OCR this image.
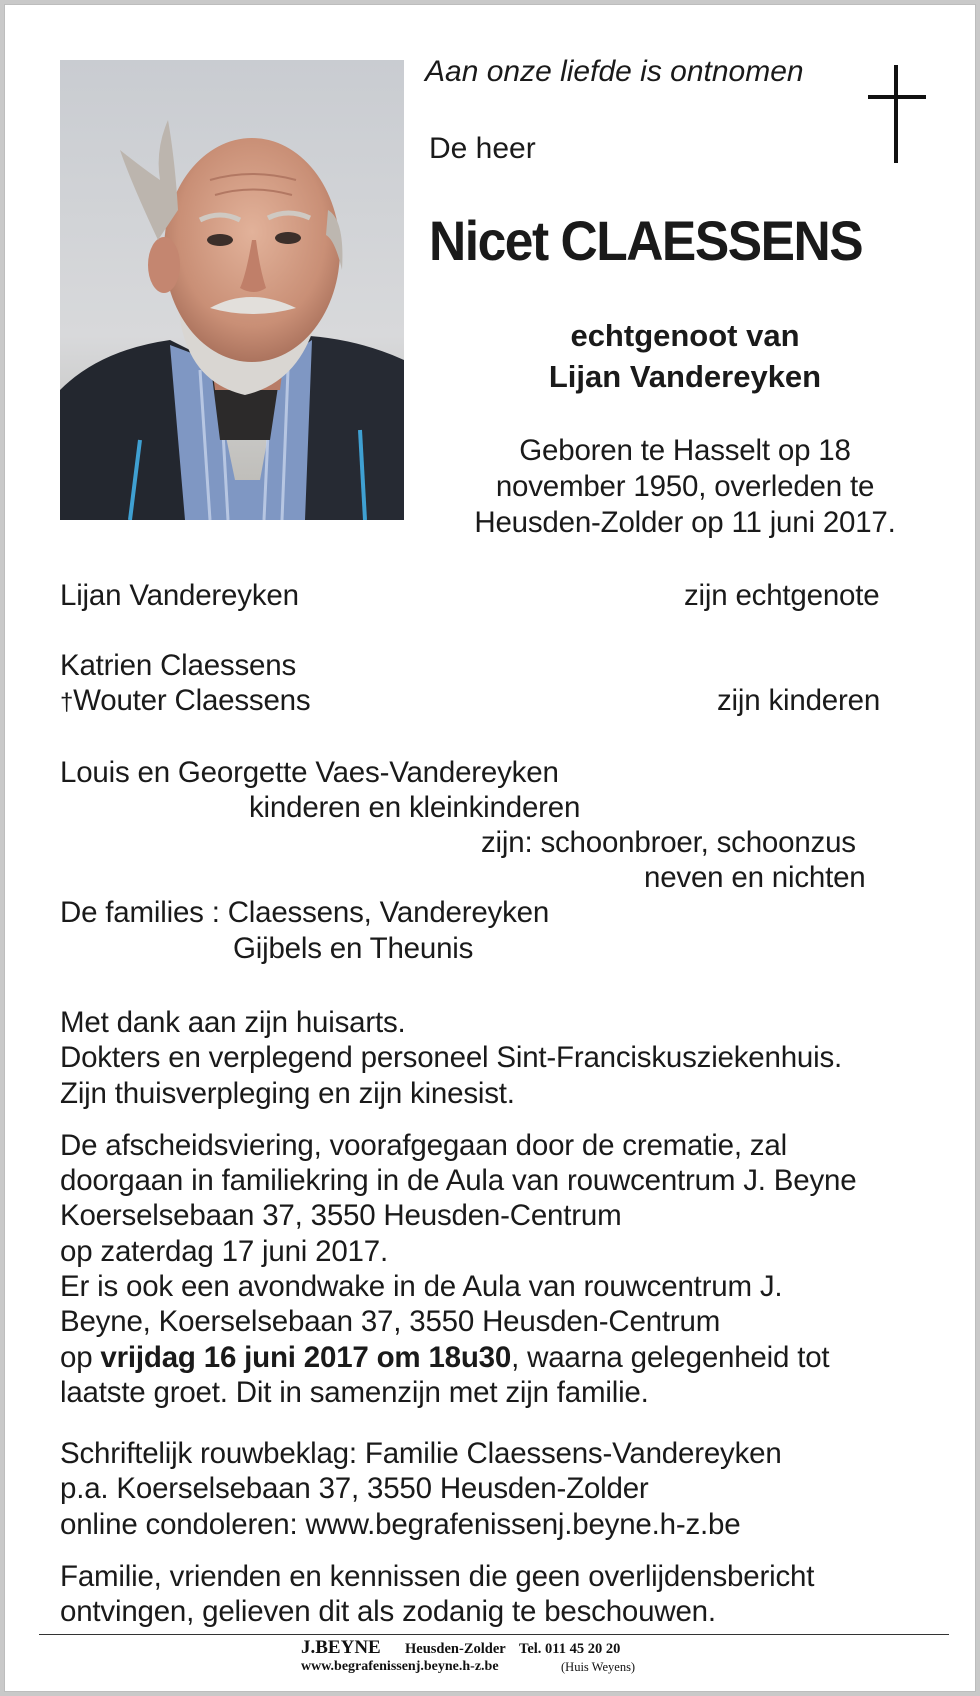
Aan onze liefde is ontnomen
De heer
Nicet CLAESSENS
echtgenoot van
Lijan Vandereyken
Geboren te Hasselt op 18
november 1950, overleden te
Heusden-Zolder op 11 juni 2017.
Lijan Vandereyken	zijn echtgenote
Katrien Claessens
†Wouter Claessens	zijn kinderen
Louis en Georgette Vaes-Vandereyken
kinderen en kleinkinderen
zijn: schoonbroer, schoonzus
neven en nichten
De families : Claessens, Vandereyken
Gijbels en Theunis
Met dank aan zijn huisarts.
Dokters en verplegend personeel Sint-Franciskusziekenhuis.
Zijn thuisverpleging en zijn kinesist.
De afscheidsviering, voorafgegaan door de crematie, zal
doorgaan in familiekring in de Aula van rouwcentrum J. Beyne
Koerselsebaan 37, 3550 Heusden-Centrum
op zaterdag 17 juni 2017.
Er is ook een avondwake in de Aula van rouwcentrum J.
Beyne, Koerselsebaan 37, 3550 Heusden-Centrum
op vrijdag 16 juni 2017 om 18u30, waarna gelegenheid tot
laatste groet. Dit in samenzijn met zijn familie.
Schriftelijk rouwbeklag: Familie Claessens-Vandereyken
p.a. Koerselsebaan 37, 3550 Heusden-Zolder
online condoleren: www.begrafenissenj.beyne.h-z.be
Familie, vrienden en kennissen die geen overlijdensbericht
ontvingen, gelieven dit als zodanig te beschouwen.
J.BEYNE Heusden-Zolder Tel. 011 45 20 20
www.begrafenissenj.beyne.h-z.be	(Huis Weyens)
